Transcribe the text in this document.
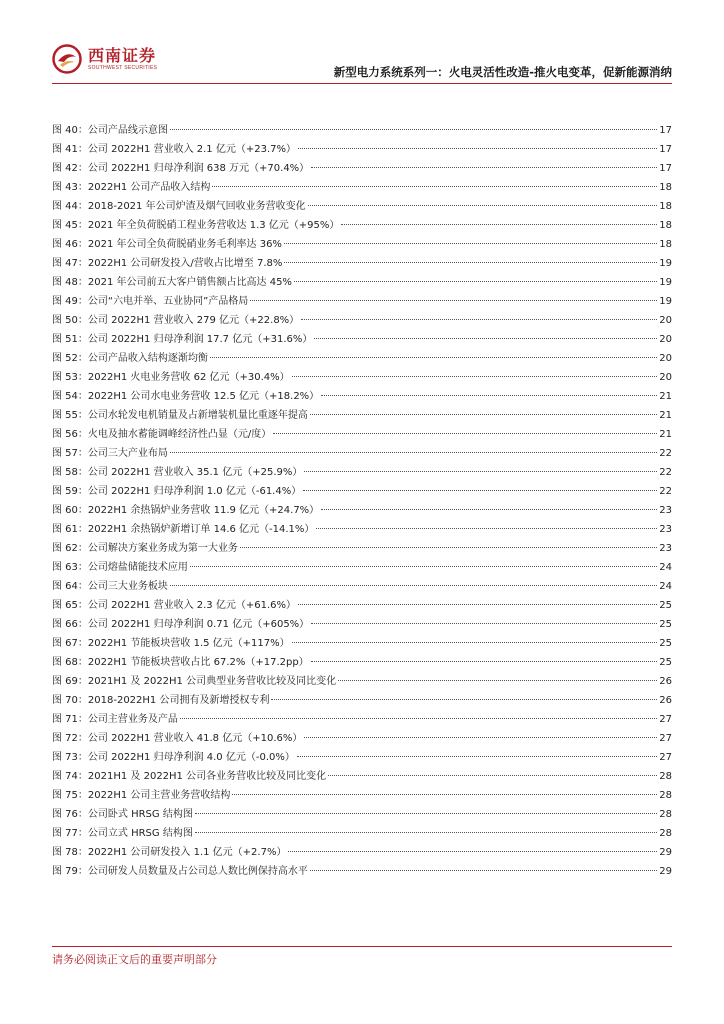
西南证券
SOUTHWEST SECURITIES	新型电力系统系列一：火电灵活性改造-推火电变革，促新能源消纳
图 40：公司产品线示意图	17
图 41：公司 2022H1 营业收入 2.1 亿元（+23.7%）	17
图 42：公司 2022H1 归母净利润 638 万元（+70.4%）	17
图 43：2022H1 公司产品收入结构	18
图 44：2018-2021 年公司炉渣及烟气回收业务营收变化	18
图 45：2021 年全负荷脱硝工程业务营收达 1.3 亿元（+95%）	18
图 46：2021 年公司全负荷脱硝业务毛利率达 36%	18
图 47：2022H1 公司研发投入/营收占比增至 7.8%	19
图 48：2021 年公司前五大客户销售额占比高达 45%	19
图 49：公司“六电并举、五业协同”产品格局	19
图 50：公司 2022H1 营业收入 279 亿元（+22.8%）	20
图 51：公司 2022H1 归母净利润 17.7 亿元（+31.6%）	20
图 52：公司产品收入结构逐渐均衡	20
图 53：2022H1 火电业务营收 62 亿元（+30.4%）	20
图 54：2022H1 公司水电业务营收 12.5 亿元（+18.2%）	21
图 55：公司水轮发电机销量及占新增装机量比重逐年提高	21
图 56：火电及抽水蓄能调峰经济性凸显（元/度）	21
图 57：公司三大产业布局	22
图 58：公司 2022H1 营业收入 35.1 亿元（+25.9%）	22
图 59：公司 2022H1 归母净利润 1.0 亿元（-61.4%）	22
图 60：2022H1 余热锅炉业务营收 11.9 亿元（+24.7%）	23
图 61：2022H1 余热锅炉新增订单 14.6 亿元（-14.1%）	23
图 62：公司解决方案业务成为第一大业务	23
图 63：公司熔盐储能技术应用	24
图 64：公司三大业务板块	24
图 65：公司 2022H1 营业收入 2.3 亿元（+61.6%）	25
图 66：公司 2022H1 归母净利润 0.71 亿元（+605%）	25
图 67：2022H1 节能板块营收 1.5 亿元（+117%）	25
图 68：2022H1 节能板块营收占比 67.2%（+17.2pp）	25
图 69：2021H1 及 2022H1 公司典型业务营收比较及同比变化	26
图 70：2018-2022H1 公司拥有及新增授权专利	26
图 71：公司主营业务及产品	27
图 72：公司 2022H1 营业收入 41.8 亿元（+10.6%）	27
图 73：公司 2022H1 归母净利润 4.0 亿元（-0.0%）	27
图 74：2021H1 及 2022H1 公司各业务营收比较及同比变化	28
图 75：2022H1 公司主营业务营收结构	28
图 76：公司卧式 HRSG 结构图	28
图 77：公司立式 HRSG 结构图	28
图 78：2022H1 公司研发投入 1.1 亿元（+2.7%）	29
图 79：公司研发人员数量及占公司总人数比例保持高水平	29
请务必阅读正文后的重要声明部分
